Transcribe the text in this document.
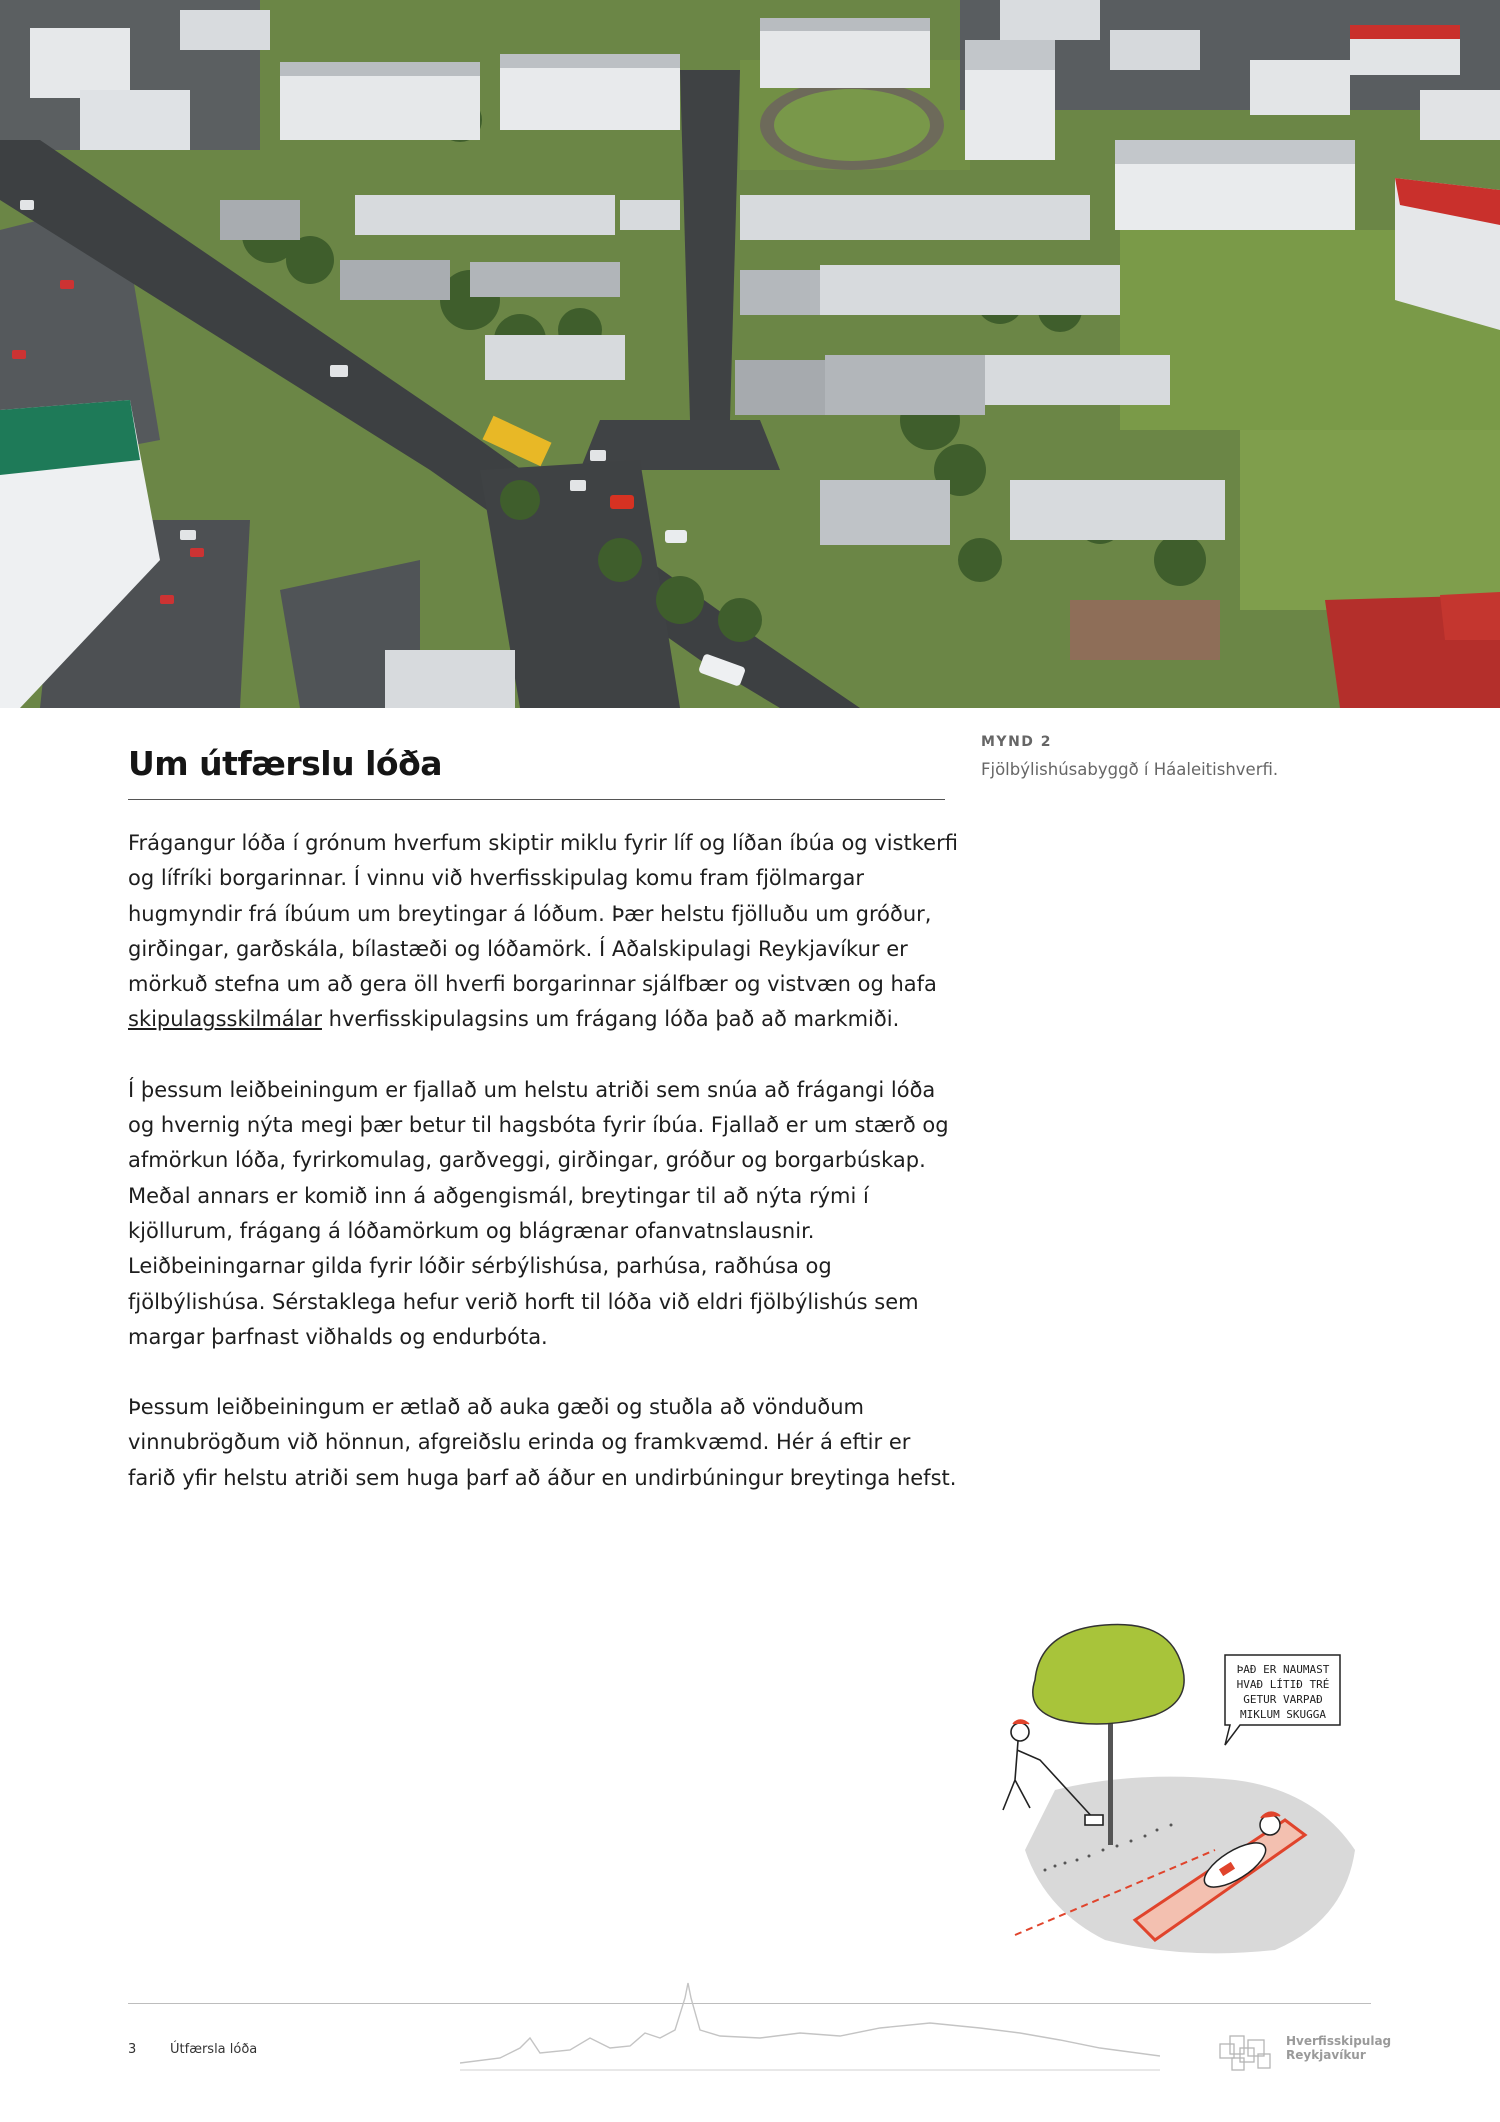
Um útfærslu lóða
MYND 2
Fjölbýlishúsabyggð í Háaleitishverfi.

Frágangur lóða í grónum hverfum skiptir miklu fyrir líf og líðan íbúa og vistkerfi og lífríki borgarinnar. Í vinnu við hverfisskipulag komu fram fjölmargar hugmyndir frá íbúum um breytingar á lóðum. Þær helstu fjölluðu um gróður, girðingar, garðskála, bílastæði og lóðamörk. Í Aðalskipulagi Reykjavíkur er mörkuð stefna um að gera öll hverfi borgarinnar sjálfbær og vistvæn og hafa skipulagsskilmálar hverfisskipulagsins um frágang lóða það að markmiði.

Í þessum leiðbeiningum er fjallað um helstu atriði sem snúa að frágangi lóða og hvernig nýta megi þær betur til hagsbóta fyrir íbúa. Fjallað er um stærð og afmörkun lóða, fyrirkomulag, garðveggi, girðingar, gróður og borgarbúskap. Meðal annars er komið inn á aðgengismál, breytingar til að nýta rými í kjöllurum, frágang á lóðamörkum og blágrænar ofanvatnslausnir. Leiðbeiningarnar gilda fyrir lóðir sérbýlishúsa, parhúsa, raðhúsa og fjölbýlishúsa. Sérstaklega hefur verið horft til lóða við eldri fjölbýlishús sem margar þarfnast viðhalds og endurbóta.

Þessum leiðbeiningum er ætlað að auka gæði og stuðla að vönduðum vinnubrögðum við hönnun, afgreiðslu erinda og framkvæmd. Hér á eftir er farið yfir helstu atriði sem huga þarf að áður en undirbúningur breytinga hefst.

ÞAÐ ER NAUMAST
HVAÐ LÍTIÐ TRÉ
GETUR VARPAÐ
MIKLUM SKUGGA
3	Útfærsla lóða
Hverfisskipulag
Reykjavíkur
